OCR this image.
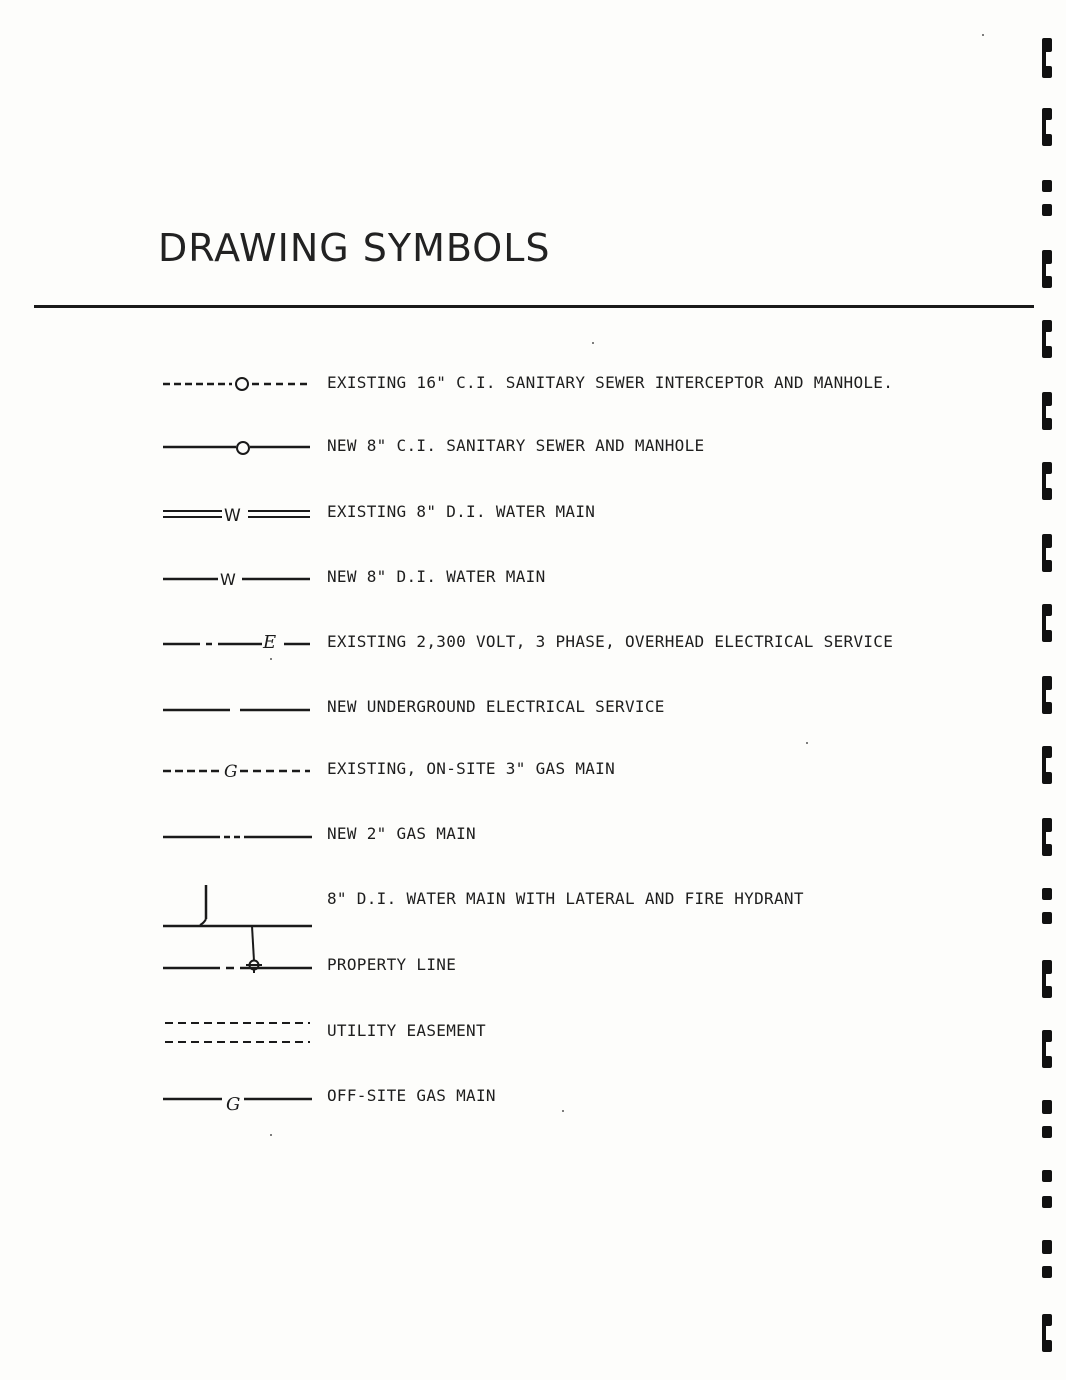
DRAWING SYMBOLS
EXISTING 16" C.I. SANITARY SEWER INTERCEPTOR AND MANHOLE.
NEW 8" C.I. SANITARY SEWER AND MANHOLE
W	EXISTING 8" D.I. WATER MAIN
W	NEW 8" D.I. WATER MAIN
E	EXISTING 2,300 VOLT, 3 PHASE, OVERHEAD ELECTRICAL SERVICE
NEW UNDERGROUND ELECTRICAL SERVICE
G	EXISTING, ON-SITE 3" GAS MAIN
NEW 2" GAS MAIN
8" D.I. WATER MAIN WITH LATERAL AND FIRE HYDRANT
PROPERTY LINE
UTILITY EASEMENT
G	OFF-SITE GAS MAIN
